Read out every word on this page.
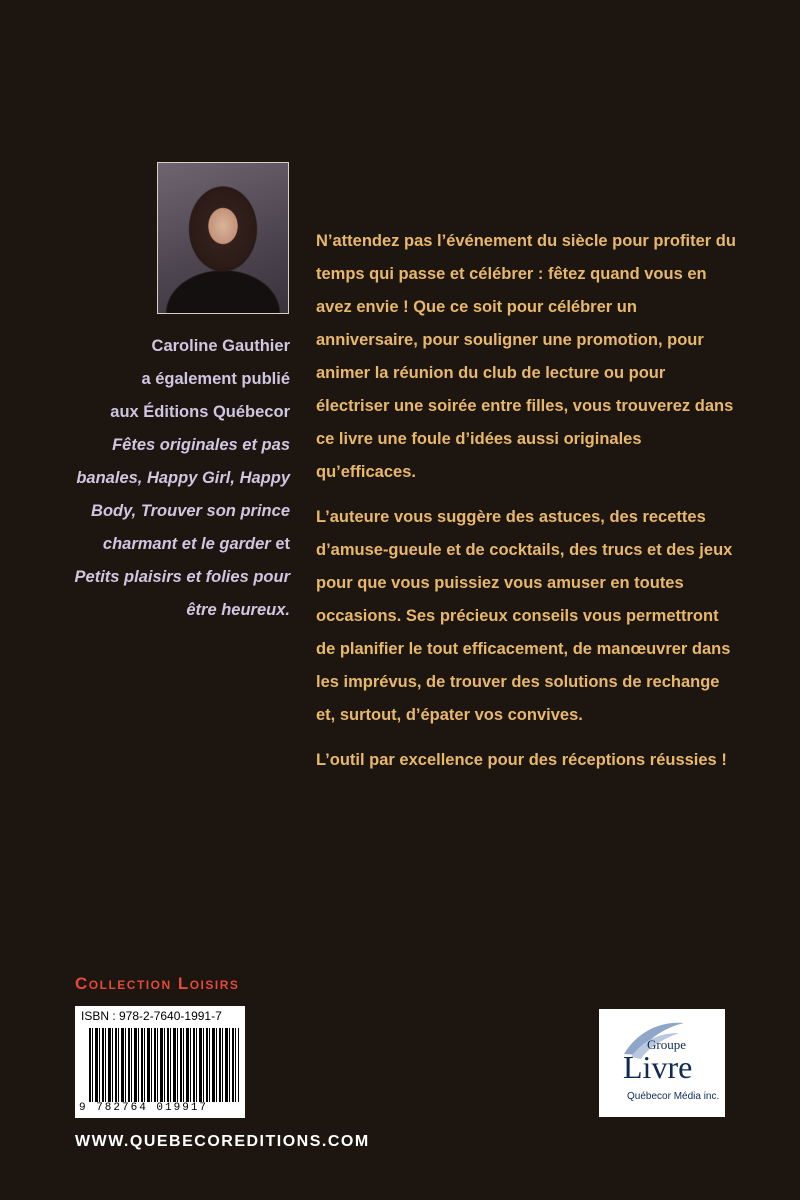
Caroline Gauthier
a également publié
aux Éditions Québecor
Fêtes originales et pas banales, Happy Girl, Happy Body, Trouver son prince charmant et le garder et Petits plaisirs et folies pour être heureux.

N’attendez pas l’événement du siècle pour profiter du temps qui passe et célébrer : fêtez quand vous en avez envie ! Que ce soit pour célébrer un anniversaire, pour souligner une promotion, pour animer la réunion du club de lecture ou pour électriser une soirée entre filles, vous trouverez dans ce livre une foule d’idées aussi originales qu’efficaces.

L’auteure vous suggère des astuces, des recettes d’amuse-gueule et de cocktails, des trucs et des jeux pour que vous puissiez vous amuser en toutes occasions. Ses précieux conseils vous permettront de planifier le tout efficacement, de manœuvrer dans les imprévus, de trouver des solutions de rechange et, surtout, d’épater vos convives.

L’outil par excellence pour des réceptions réussies !

Collection Loisirs
ISBN : 978-2-7640-1991-7
9 782764 019917
Groupe
Livre
Québecor Média inc.
WWW.QUEBECOREDITIONS.COM
